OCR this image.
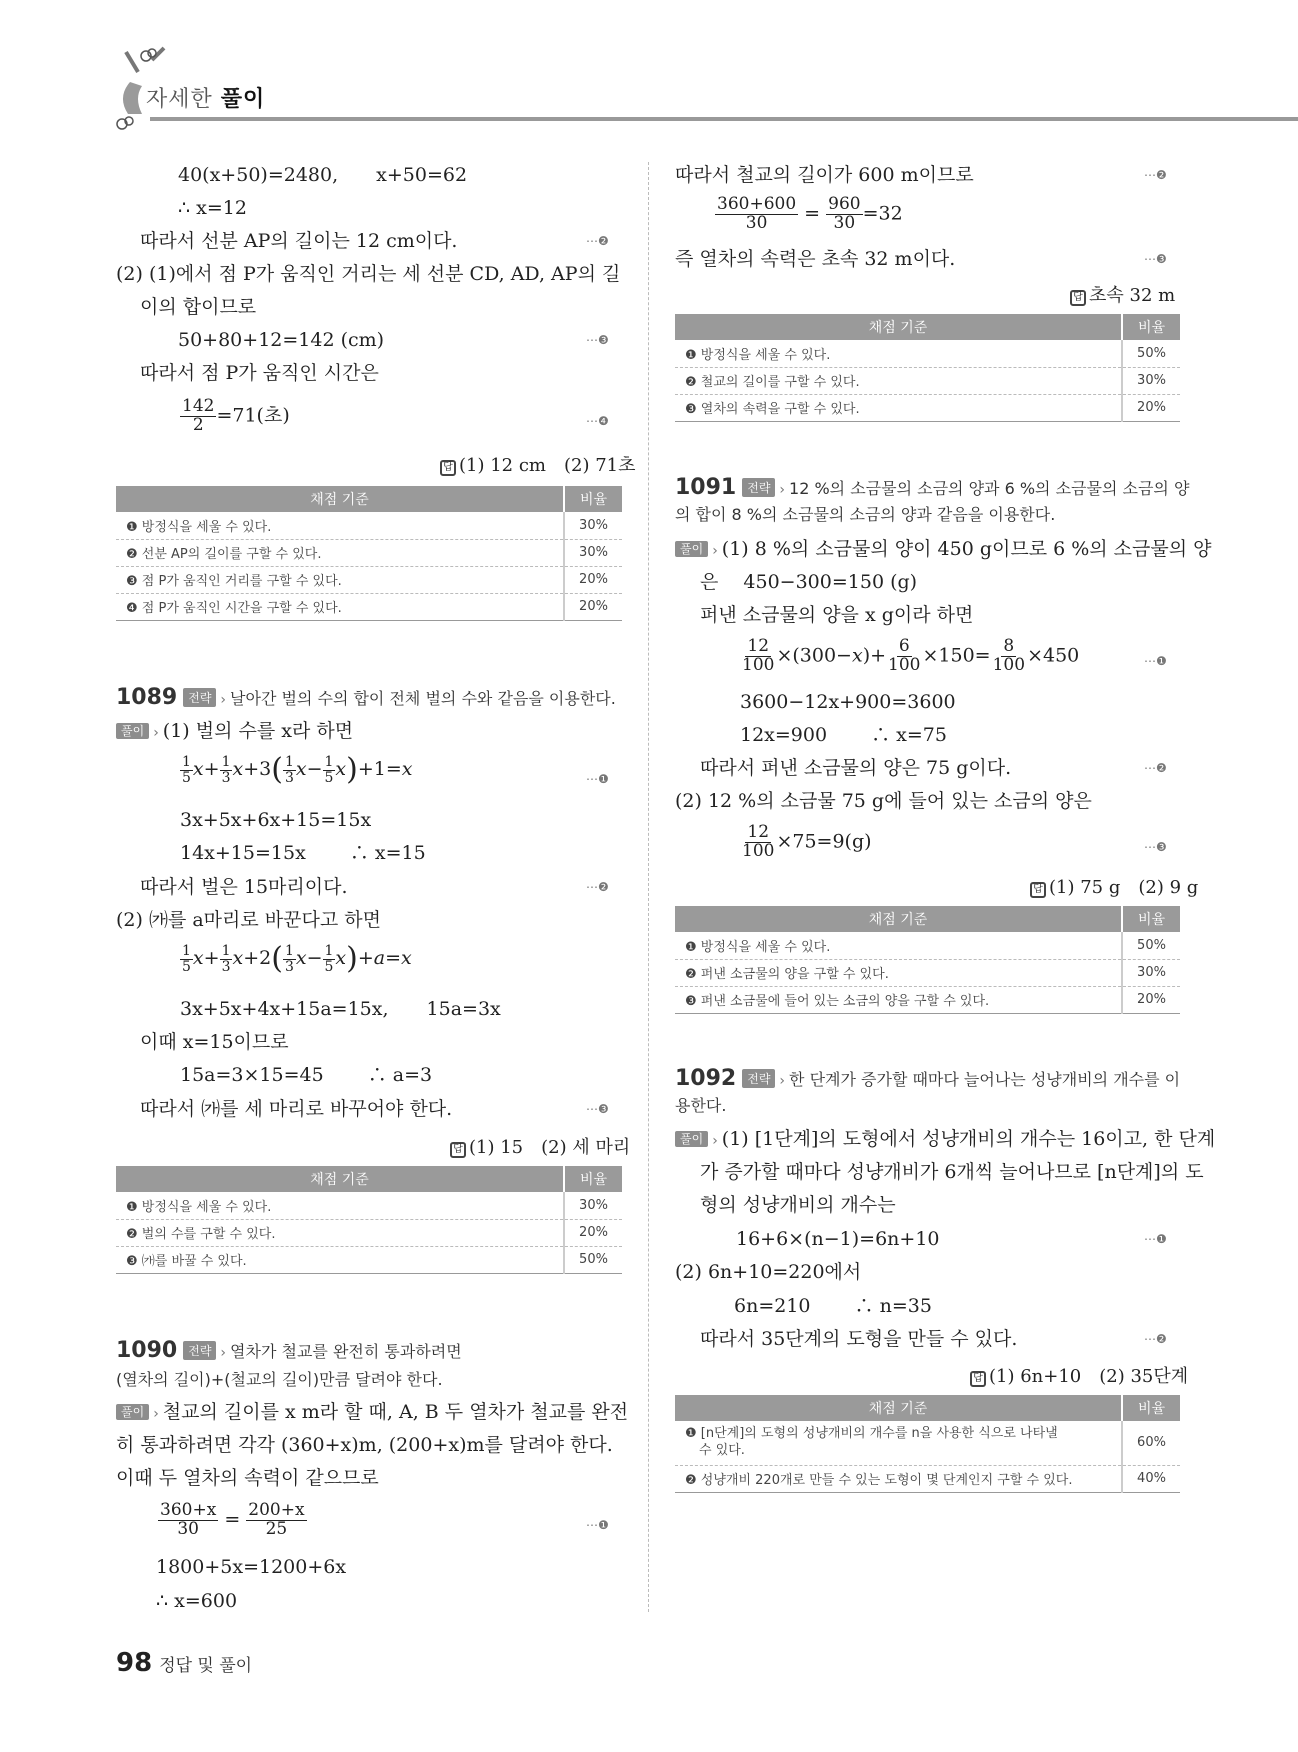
자세한 풀이
40(x+50)=2480,　　x+50=62
∴ x=12
따라서 선분 AP의 길이는 12 cm이다.	⋯❷
(2) (1)에서 점 P가 움직인 거리는 세 선분 CD, AD, AP의 길
이의 합이므로
50+80+12=142 (cm)	⋯❸
따라서 점 P가 움직인 시간은
$\frac{142}{2} =71$(초)	⋯❹
답 (1) 12 cm　(2) 71초
채점 기준	비율
❶ 방정식을 세울 수 있다.	30%
❷ 선분 AP의 길이를 구할 수 있다.	30%
❸ 점 P가 움직인 거리를 구할 수 있다.	20%
❹ 점 P가 움직인 시간을 구할 수 있다.	20%
1089 전략 › 날아간 벌의 수의 합이 전체 벌의 수와 같음을 이용한다.
풀이 › (1) 벌의 수를 x라 하면
$\frac{1}{5} x+ \frac{1}{3} x+3( \frac{1}{3} x- \frac{1}{5} x)+1=x$	⋯❶
3x+5x+6x+15=15x
14x+15=15x　　 ∴ x=15
따라서 벌은 15마리이다.	⋯❷
(2) ㈎를 a마리로 바꾼다고 하면
$\frac{1}{5} x+ \frac{1}{3} x+2( \frac{1}{3} x- \frac{1}{5} x)+a=x$
3x+5x+4x+15a=15x,　　15a=3x
이때 x=15이므로
15a=3×15=45　　 ∴ a=3
따라서 ㈎를 세 마리로 바꾸어야 한다.	⋯❸
답 (1) 15　(2) 세 마리
채점 기준	비율
❶ 방정식을 세울 수 있다.	30%
❷ 벌의 수를 구할 수 있다.	20%
❸ ㈎를 바꿀 수 있다.	50%
1090 전략 › 열차가 철교를 완전히 통과하려면
(열차의 길이)+(철교의 길이)만큼 달려야 한다.
풀이 › 철교의 길이를 x m라 할 때, A, B 두 열차가 철교를 완전
히 통과하려면 각각 (360+x)m, (200+x)m를 달려야 한다.
이때 두 열차의 속력이 같으므로
$\frac{360+x}{30} = \frac{200+x}{25}$	⋯❶
1800+5x=1200+6x
∴ x=600
따라서 철교의 길이가 600 m이므로	⋯❷
$\frac{360+600}{30} = \frac{960}{30} =32$
즉 열차의 속력은 초속 32 m이다.	⋯❸
답 초속 32 m
채점 기준	비율
❶ 방정식을 세울 수 있다.	50%
❷ 철교의 길이를 구할 수 있다.	30%
❸ 열차의 속력을 구할 수 있다.	20%
1091 전략 › 12 %의 소금물의 소금의 양과 6 %의 소금물의 소금의 양
의 합이 8 %의 소금물의 소금의 양과 같음을 이용한다.
풀이 › (1) 8 %의 소금물의 양이 450 g이므로 6 %의 소금물의 양
은　 450−300=150 (g)
퍼낸 소금물의 양을 x g이라 하면
$\frac{12}{100} \times(300-x)+ \frac{6}{100} \times 150= \frac{8}{100} \times 450$	⋯❶
3600−12x+900=3600
12x=900　　 ∴ x=75
따라서 퍼낸 소금물의 양은 75 g이다.	⋯❷
(2) 12 %의 소금물 75 g에 들어 있는 소금의 양은
$\frac{12}{100} \times 75=9(g)$	⋯❸
답 (1) 75 g　(2) 9 g
채점 기준	비율
❶ 방정식을 세울 수 있다.	50%
❷ 퍼낸 소금물의 양을 구할 수 있다.	30%
❸ 퍼낸 소금물에 들어 있는 소금의 양을 구할 수 있다.	20%
1092 전략 › 한 단계가 증가할 때마다 늘어나는 성냥개비의 개수를 이
용한다.
풀이 › (1) [1단계]의 도형에서 성냥개비의 개수는 16이고, 한 단계
가 증가할 때마다 성냥개비가 6개씩 늘어나므로 [n단계]의 도
형의 성냥개비의 개수는
16+6×(n−1)=6n+10	⋯❶
(2) 6n+10=220에서
6n=210　　 ∴ n=35
따라서 35단계의 도형을 만들 수 있다.	⋯❷
답 (1) 6n+10　(2) 35단계
채점 기준	비율
❶ [n단계]의 도형의 성냥개비의 개수를 n을 사용한 식으로 나타낼
수 있다.	60%
❷ 성냥개비 220개로 만들 수 있는 도형이 몇 단계인지 구할 수 있다.	40%
98 정답 및 풀이
